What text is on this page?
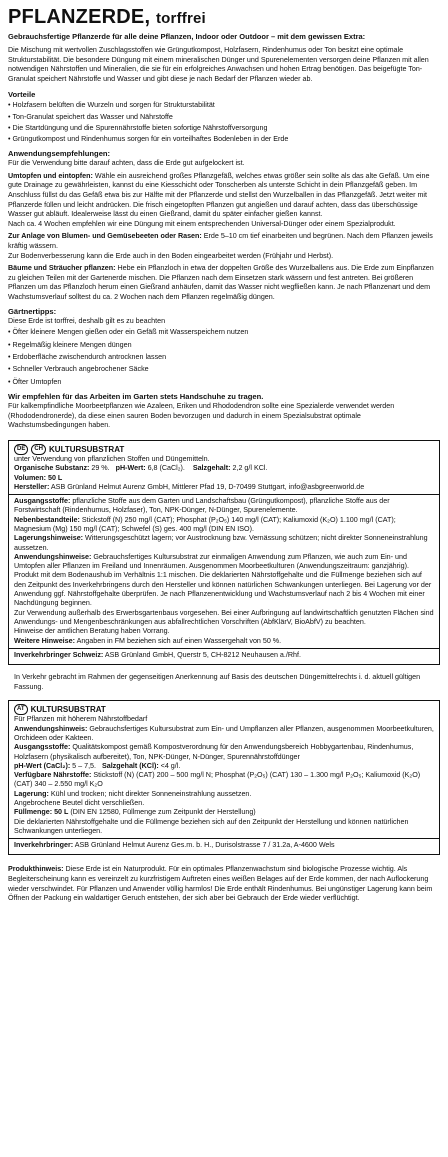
PFLANZERDE, torffrei

Gebrauchsfertige Pflanzerde für alle deine Pflanzen, Indoor oder Outdoor – mit dem gewissen Extra:

Die Mischung mit wertvollen Zuschlagsstoffen wie Grüngutkompost, Holzfasern, Rindenhumus oder Ton besitzt eine optimale Strukturstabilität. Die besondere Düngung mit einem mineralischen Dünger und Spurenelementen versorgen deine Pflanzen mit allen notwendigen Nährstoffen und Mineralien, die sie für ein erfolgreiches Anwachsen und hohen Ertrag benötigen. Das beigefügte Ton-Granulat speichert Nährstoffe und Wasser und gibt diese je nach Bedarf der Pflanzen wieder ab.

Vorteile

• Holzfasern belüften die Wurzeln und sorgen für Strukturstabilität
• Ton-Granulat speichert das Wasser und Nährstoffe
• Die Startdüngung und die Spurennährstoffe bieten sofortige Nährstoffversorgung
• Grüngutkompost und Rindenhumus sorgen für ein vorteilhaftes Bodenleben in der Erde

Anwendungsempfehlungen:

Für die Verwendung bitte darauf achten, dass die Erde gut aufgelockert ist.

Umtopfen und eintopfen: Wähle ein ausreichend großes Pflanzgefäß, welches etwas größer sein sollte als das alte Gefäß. Um eine gute Drainage zu gewährleisten, kannst du eine Kiesschicht oder Tonscherben als unterste Schicht in dein Pflanzgefäß geben. Im Anschluss füllst du das Gefäß etwa bis zur Hälfte mit der Pflanzerde und stellst den Wurzelballen in das Pflanzgefäß. Jetzt weiter mit Pflanzerde füllen und leicht andrücken. Die frisch eingetopften Pflanzen gut angießen und darauf achten, dass das überschüssige Wasser gut abläuft. Idealerweise lässt du einen Gießrand, damit du später einfacher gießen kannst.

Nach ca. 4 Wochen empfehlen wir eine Düngung mit einem entsprechenden Universal-Dünger oder einem Spezialprodukt.

Zur Anlage von Blumen- und Gemüsebeeten oder Rasen: Erde 5–10 cm tief einarbeiten und begrünen. Nach dem Pflanzen jeweils kräftig wässern.

Zur Bodenverbesserung kann die Erde auch in den Boden eingearbeitet werden (Frühjahr und Herbst).

Bäume und Sträucher pflanzen: Hebe ein Pflanzloch in etwa der doppelten Größe des Wurzelballens aus. Die Erde zum Einpflanzen zu gleichen Teilen mit der Gartenerde mischen. Die Pflanzen nach dem Einsetzen stark wässern und fest antreten. Bei größeren Pflanzen um das Pflanzloch herum einen Gießrand anhäufen, damit das Wasser nicht wegfließen kann. Je nach Pflanzenart und dem Wachstumsverlauf solltest du ca. 2 Wochen nach dem Pflanzen regelmäßig düngen.

Gärtnertipps:

Diese Erde ist torffrei, deshalb gilt es zu beachten

• Öfter kleinere Mengen gießen oder ein Gefäß mit Wasserspeichern nutzen
• Regelmäßig kleinere Mengen düngen
• Erdoberfläche zwischendurch antrocknen lassen
• Schneller Verbrauch angebrochener Säcke
• Öfter Umtopfen

Wir empfehlen für das Arbeiten im Garten stets Handschuhe zu tragen.

Für kalkempfindliche Moorbeetpflanzen wie Azaleen, Eriken und Rhododendron sollte eine Spezialerde verwendet werden (Rhododendronerde), da diese einen sauren Boden bevorzugen und dadurch in einem Spezialsubstrat optimale Wachstumsbedingungen haben.

DE	CH KULTURSUBSTRAT

unter Verwendung von pflanzlichen Stoffen und Düngemitteln.

Organische Substanz: 29 %. pH-Wert: 6,8 (CaCl₂). Salzgehalt: 2,2 g/l KCl.

Volumen: 50 L

Hersteller: ASB Grünland Helmut Aurenz GmbH, Mittlerer Pfad 19, D-70499 Stuttgart, info@asbgreenworld.de

Ausgangsstoffe: pflanzliche Stoffe aus dem Garten und Landschaftsbau (Grüngutkompost), pflanzliche Stoffe aus der Forstwirtschaft (Rindenhumus, Holzfaser), Ton, NPK-Dünger, N-Dünger, Spurenelemente.

Nebenbestandteile: Stickstoff (N) 250 mg/l (CAT); Phosphat (P₂O₅) 140 mg/l (CAT); Kaliumoxid (K₂O) 1.100 mg/l (CAT); Magnesium (Mg) 150 mg/l (CAT); Schwefel (S) ges. 400 mg/l (DIN EN ISO).

Lagerungshinweise: Witterungsgeschützt lagern; vor Austrocknung bzw. Vernässung schützen; nicht direkter Sonneneinstrahlung aussetzen.

Anwendungshinweise: Gebrauchsfertiges Kultursubstrat zur einmaligen Anwendung zum Pflanzen, wie auch zum Ein- und Umtopfen aller Pflanzen im Freiland und Innenräumen. Ausgenommen Moorbeetkulturen (Anwendungszeitraum: ganzjährig). Produkt mit dem Bodenaushub im Verhältnis 1:1 mischen. Die deklarierten Nährstoffgehalte und die Füllmenge beziehen sich auf den Zeitpunkt des Inverkehrbringens durch den Hersteller und können natürlichen Schwankungen unterliegen. Bei Lagerung vor der Anwendung ggf. Nährstoffgehalte überprüfen. Je nach Pflanzenentwicklung und Wachstumsverlauf nach 2 bis 4 Wochen mit einer Nachdüngung beginnen.

Zur Verwendung außerhalb des Erwerbsgartenbaus vorgesehen. Bei einer Aufbringung auf landwirtschaftlich genutzten Flächen sind Anwendungs- und Mengenbeschränkungen aus abfallrechtlichen Vorschriften (AbfKlärV, BioAbfV) zu beachten.

Hinweise der amtlichen Beratung haben Vorrang.

Weitere Hinweise: Angaben in FM beziehen sich auf einen Wassergehalt von 50 %.

Inverkehrbringer Schweiz: ASB Grünland GmbH, Querstr 5, CH-8212 Neuhausen a./Rhf.

In Verkehr gebracht im Rahmen der gegenseitigen Anerkennung auf Basis des deutschen Düngemittelrechts i. d. aktuell gültigen Fassung.

AT KULTURSUBSTRAT

Für Pflanzen mit höherem Nährstoffbedarf

Anwendungshinweis: Gebrauchsfertiges Kultursubstrat zum Ein- und Umpflanzen aller Pflanzen, ausgenommen Moorbeetkulturen, Orchideen oder Kakteen.

Ausgangsstoffe: Qualitätskompost gemäß Kompostverordnung für den Anwendungsbereich Hobbygartenbau, Rindenhumus, Holzfasern (physikalisch aufbereitet), Ton, NPK-Dünger, N-Dünger, Spurennährstoffdünger

pH-Wert (CaCl₂): 5 – 7,5. Salzgehalt (KCl): <4 g/l.

Verfügbare Nährstoffe: Stickstoff (N) (CAT) 200 – 500 mg/l N; Phosphat (P₂O₅) (CAT) 130 – 1.300 mg/l P₂O₅; Kaliumoxid (K₂O) (CAT) 340 – 2.550 mg/l K₂O

Lagerung: Kühl und trocken; nicht direkter Sonneneinstrahlung aussetzen.

Angebrochene Beutel dicht verschließen.

Füllmenge: 50 L (DIN EN 12580, Füllmenge zum Zeitpunkt der Herstellung)

Die deklarierten Nährstoffgehalte und die Füllmenge beziehen sich auf den Zeitpunkt der Herstellung und können natürlichen Schwankungen unterliegen.

Inverkehrbringer: ASB Grünland Helmut Aurenz Ges.m. b. H., Durisolstrasse 7 / 31.2a, A-4600 Wels

Produkthinweis: Diese Erde ist ein Naturprodukt. Für ein optimales Pflanzenwachstum sind biologische Prozesse wichtig. Als Begleiterscheinung kann es vereinzelt zu kurzfristigem Auftreten eines weißen Belages auf der Erde kommen, der nach Auflockerung wieder verschwindet. Für Pflanzen und Anwender völlig harmlos! Die Erde enthält Rindenhumus. Bei ungünstiger Lagerung kann beim Öffnen der Packung ein waldartiger Geruch entstehen, der sich aber bei Gebrauch der Erde wieder verflüchtigt.
